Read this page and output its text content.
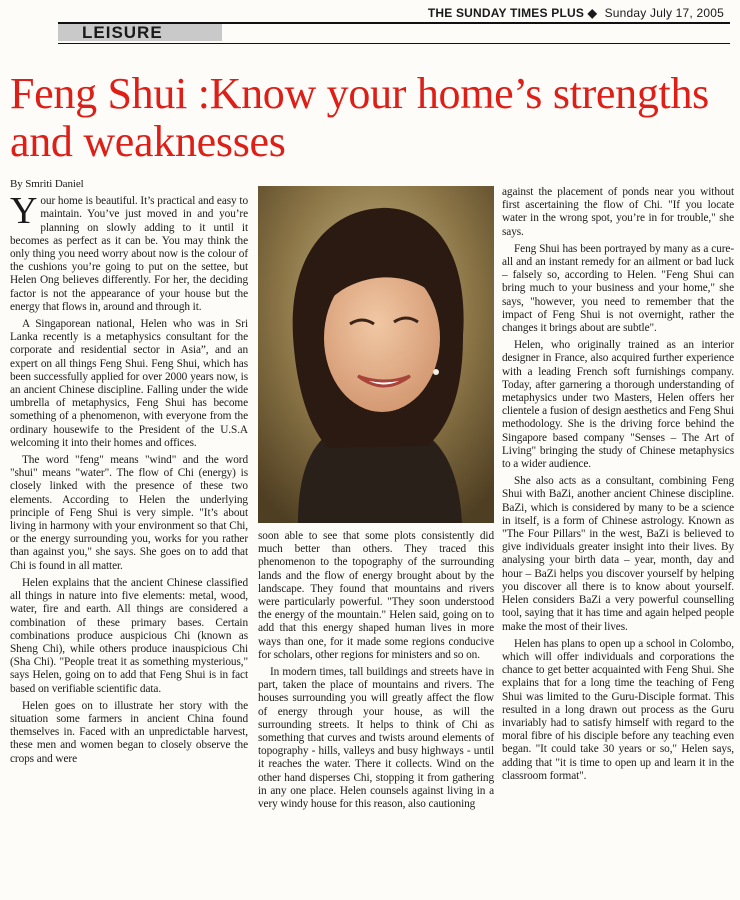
THE SUNDAY TIMES PLUS ◆ Sunday July 17, 2005
LEISURE
Feng Shui :Know your home’s strengths and weaknesses
By Smriti Daniel

Your home is beautiful. It’s practical and easy to maintain. You’ve just moved in and you’re planning on slowly adding to it until it becomes as perfect as it can be. You may think the only thing you need worry about now is the colour of the cushions you’re going to put on the settee, but Helen Ong believes differently. For her, the deciding factor is not the appearance of your house but the energy that flows in, around and through it.

A Singaporean national, Helen who was in Sri Lanka recently is a metaphysics consultant for the corporate and residential sector in Asia”, and an expert on all things Feng Shui. Feng Shui, which has been successfully applied for over 2000 years now, is an ancient Chinese discipline. Falling under the wide umbrella of metaphysics, Feng Shui has become something of a phenomenon, with everyone from the ordinary housewife to the President of the U.S.A welcoming it into their homes and offices.

The word "feng" means "wind" and the word "shui" means "water". The flow of Chi (energy) is closely linked with the presence of these two elements. According to Helen the underlying principle of Feng Shui is very simple. "It’s about living in harmony with your environment so that Chi, or the energy surrounding you, works for you rather than against you," she says. She goes on to add that Chi is found in all matter.

Helen explains that the ancient Chinese classified all things in nature into five elements: metal, wood, water, fire and earth. All things are considered a combination of these primary bases. Certain combinations produce auspicious Chi (known as Sheng Chi), while others produce inauspicious Chi (Sha Chi). "People treat it as something mysterious," says Helen, going on to add that Feng Shui is in fact based on verifiable scientific data.

Helen goes on to illustrate her story with the situation some farmers in ancient China found themselves in. Faced with an unpredictable harvest, these men and women began to closely observe the crops and were

soon able to see that some plots consistently did much better than others. They traced this phenomenon to the topography of the surrounding lands and the flow of energy brought about by the landscape. They found that mountains and rivers were particularly powerful. "They soon understood the energy of the mountain." Helen said, going on to add that this energy shaped human lives in more ways than one, for it made some regions conducive for scholars, other regions for ministers and so on.

In modern times, tall buildings and streets have in part, taken the place of mountains and rivers. The houses surrounding you will greatly affect the flow of energy through your house, as will the surrounding streets. It helps to think of Chi as something that curves and twists around elements of topography - hills, valleys and busy highways - until it reaches the water. There it collects. Wind on the other hand disperses Chi, stopping it from gathering in any one place. Helen counsels against living in a very windy house for this reason, also cautioning

against the placement of ponds near you without first ascertaining the flow of Chi. "If you locate water in the wrong spot, you’re in for trouble," she says.

Feng Shui has been portrayed by many as a cure-all and an instant remedy for an ailment or bad luck – falsely so, according to Helen. "Feng Shui can bring much to your business and your home," she says, "however, you need to remember that the impact of Feng Shui is not overnight, rather the changes it brings about are subtle".

Helen, who originally trained as an interior designer in France, also acquired further experience with a leading French soft furnishings company. Today, after garnering a thorough understanding of metaphysics under two Masters, Helen offers her clientele a fusion of design aesthetics and Feng Shui methodology. She is the driving force behind the Singapore based company "Senses – The Art of Living" bringing the study of Chinese metaphysics to a wider audience.

She also acts as a consultant, combining Feng Shui with BaZi, another ancient Chinese discipline. BaZi, which is considered by many to be a science in itself, is a form of Chinese astrology. Known as "The Four Pillars" in the west, BaZi is believed to give individuals greater insight into their lives. By analysing your birth data – year, month, day and hour – BaZi helps you discover yourself by helping you discover all there is to know about yourself. Helen considers BaZi a very powerful counselling tool, saying that it has time and again helped people make the most of their lives.

Helen has plans to open up a school in Colombo, which will offer individuals and corporations the chance to get better acquainted with Feng Shui. She explains that for a long time the teaching of Feng Shui was limited to the Guru-Disciple format. This resulted in a long drawn out process as the Guru invariably had to satisfy himself with regard to the moral fibre of his disciple before any teaching even began. "It could take 30 years or so," Helen says, adding that "it is time to open up and learn it in the classroom format".
